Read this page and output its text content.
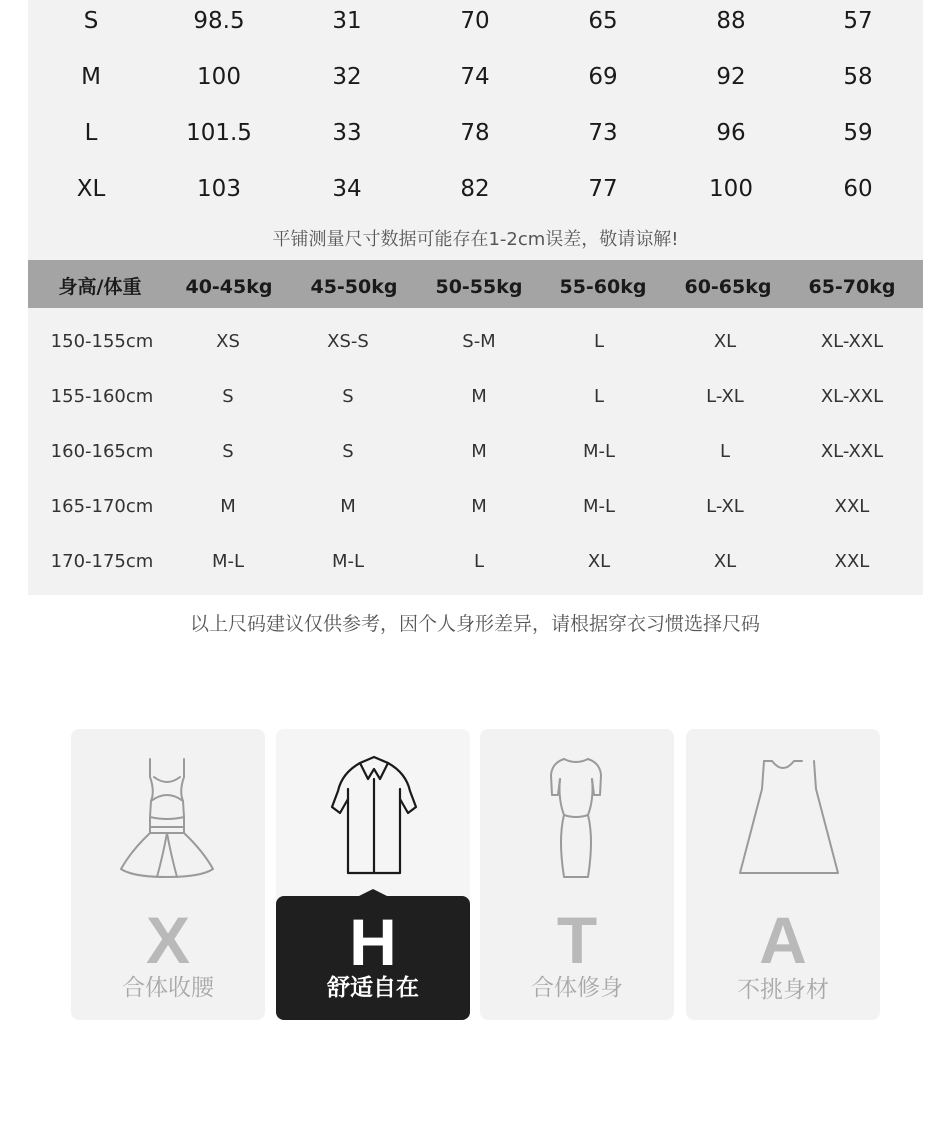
S	98.5	31	70	65	88	57
M	100	32	74	69	92	58
L	101.5	33	78	73	96	59
XL	103	34	82	77	100	60
平铺测量尺寸数据可能存在1-2cm误差，敬请谅解!
身高/体重	40-45kg	45-50kg	50-55kg	55-60kg	60-65kg	65-70kg
150-155cm	XS	XS-S	S-M	L	XL	XL-XXL
155-160cm	S	S	M	L	L-XL	XL-XXL
160-165cm	S	S	M	M-L	L	XL-XXL
165-170cm	M	M	M	M-L	L-XL	XXL
170-175cm	M-L	M-L	L	XL	XL	XXL
以上尺码建议仅供参考，因个人身形差异，请根据穿衣习惯选择尺码
X
合体收腰
H
舒适自在
T
合体修身
A
不挑身材
